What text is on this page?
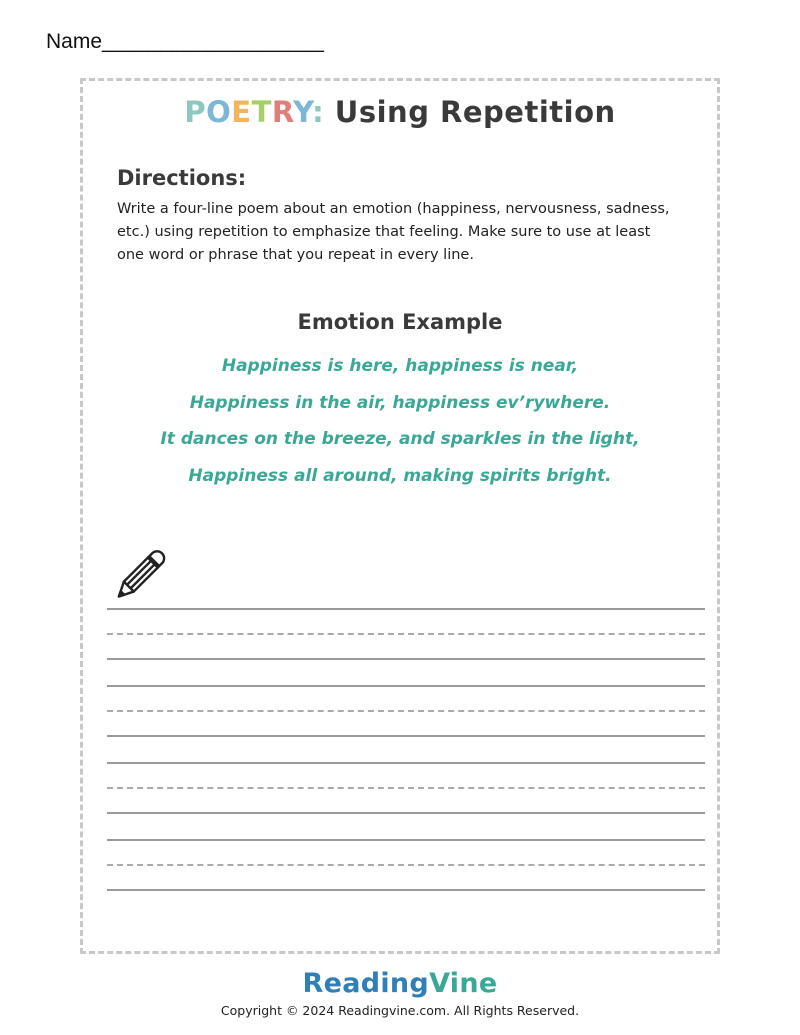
Name___________________
POETRY: Using Repetition
Directions:
Write a four-line poem about an emotion (happiness, nervousness, sadness, etc.) using repetition to emphasize that feeling. Make sure to use at least one word or phrase that you repeat in every line.
Emotion Example
Happiness is here, happiness is near,
Happiness in the air, happiness ev’rywhere.
It dances on the breeze, and sparkles in the light,
Happiness all around, making spirits bright.
ReadingVine
Copyright © 2024 Readingvine.com. All Rights Reserved.
